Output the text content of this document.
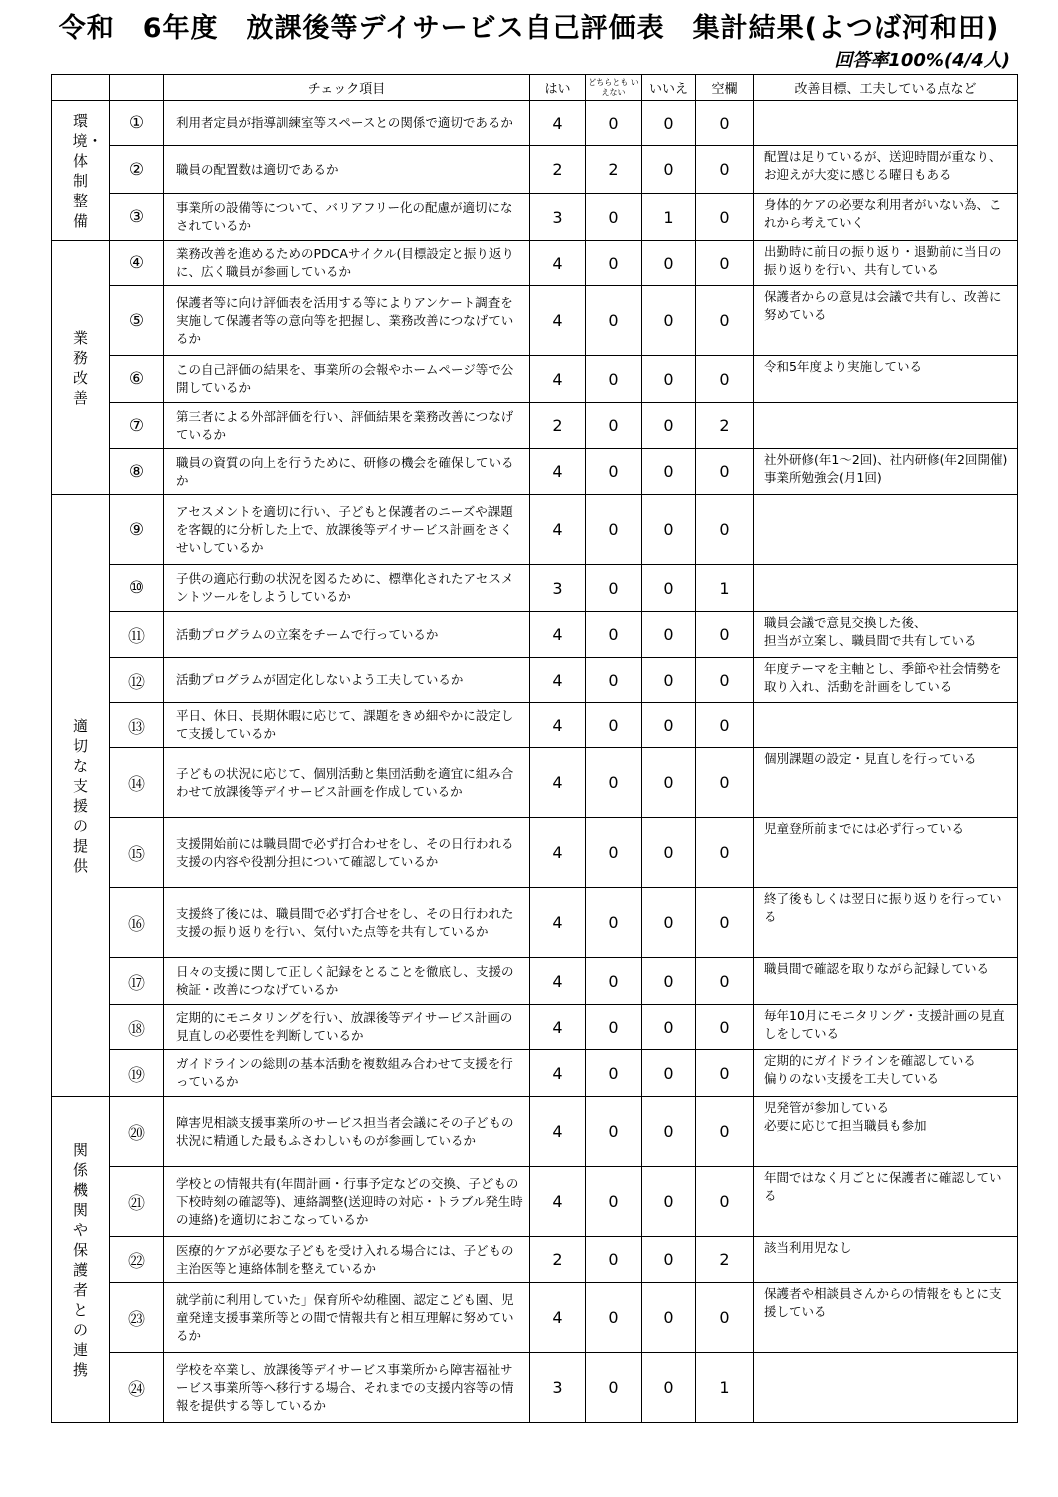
令和　6年度　放課後等デイサービス自己評価表　集計結果(よつば河和田)
回答率100%(4/4人)
		チェック項目	はい	どちらとも いえない	いいえ	空欄	改善目標、工夫している点など
環境・体制整備	①	利用者定員が指導訓練室等スペースとの関係で適切であるか	4	0	0	0	
	②	職員の配置数は適切であるか	2	2	0	0	配置は足りているが、送迎時間が重なり、お迎えが大変に感じる曜日もある
	③	事業所の設備等について、バリアフリー化の配慮が適切になされているか	3	0	1	0	身体的ケアの必要な利用者がいない為、これから考えていく
業務改善	④	業務改善を進めるためのPDCAサイクル(目標設定と振り返りに、広く職員が参画しているか	4	0	0	0	出勤時に前日の振り返り・退勤前に当日の振り返りを行い、共有している
	⑤	保護者等に向け評価表を活用する等によりアンケート調査を実施して保護者等の意向等を把握し、業務改善につなげているか	4	0	0	0	保護者からの意見は会議で共有し、改善に努めている
	⑥	この自己評価の結果を、事業所の会報やホームページ等で公開しているか	4	0	0	0	令和5年度より実施している
	⑦	第三者による外部評価を行い、評価結果を業務改善につなげているか	2	0	0	2	
	⑧	職員の資質の向上を行うために、研修の機会を確保しているか	4	0	0	0	社外研修(年1〜2回)、社内研修(年2回開催)
事業所勉強会(月1回)
適切な支援の提供	⑨	アセスメントを適切に行い、子どもと保護者のニーズや課題を客観的に分析した上で、放課後等デイサービス計画をさくせいしているか	4	0	0	0	
	⑩	子供の適応行動の状況を図るために、標準化されたアセスメントツールをしようしているか	3	0	0	1	
	⑪	活動プログラムの立案をチームで行っているか	4	0	0	0	職員会議で意見交換した後、
担当が立案し、職員間で共有している
	⑫	活動プログラムが固定化しないよう工夫しているか	4	0	0	0	年度テーマを主軸とし、季節や社会情勢を取り入れ、活動を計画をしている
	⑬	平日、休日、長期休暇に応じて、課題をきめ細やかに設定して支援しているか	4	0	0	0	
	⑭	子どもの状況に応じて、個別活動と集団活動を適宜に組み合わせて放課後等デイサービス計画を作成しているか	4	0	0	0	個別課題の設定・見直しを行っている
	⑮	支援開始前には職員間で必ず打合わせをし、その日行われる支援の内容や役割分担について確認しているか	4	0	0	0	児童登所前までには必ず行っている
	⑯	支援終了後には、職員間で必ず打合せをし、その日行われた支援の振り返りを行い、気付いた点等を共有しているか	4	0	0	0	終了後もしくは翌日に振り返りを行っている
	⑰	日々の支援に関して正しく記録をとることを徹底し、支援の検証・改善につなげているか	4	0	0	0	職員間で確認を取りながら記録している
	⑱	定期的にモニタリングを行い、放課後等デイサービス計画の見直しの必要性を判断しているか	4	0	0	0	毎年10月にモニタリング・支援計画の見直しをしている
	⑲	ガイドラインの総則の基本活動を複数組み合わせて支援を行っているか	4	0	0	0	定期的にガイドラインを確認している
偏りのない支援を工夫している
関係機関や保護者との連携	⑳	障害児相談支援事業所のサービス担当者会議にその子どもの状況に精通した最もふさわしいものが参画しているか	4	0	0	0	児発管が参加している
必要に応じて担当職員も参加
	㉑	学校との情報共有(年間計画・行事予定などの交換、子どもの下校時刻の確認等)、連絡調整(送迎時の対応・トラブル発生時の連絡)を適切におこなっているか	4	0	0	0	年間ではなく月ごとに保護者に確認している
	㉒	医療的ケアが必要な子どもを受け入れる場合には、子どもの主治医等と連絡体制を整えているか	2	0	0	2	該当利用児なし
	㉓	就学前に利用していた」保育所や幼稚園、認定こども園、児童発達支援事業所等との間で情報共有と相互理解に努めているか	4	0	0	0	保護者や相談員さんからの情報をもとに支援している
	㉔	学校を卒業し、放課後等デイサービス事業所から障害福祉サービス事業所等へ移行する場合、それまでの支援内容等の情報を提供する等しているか	3	0	0	1	
